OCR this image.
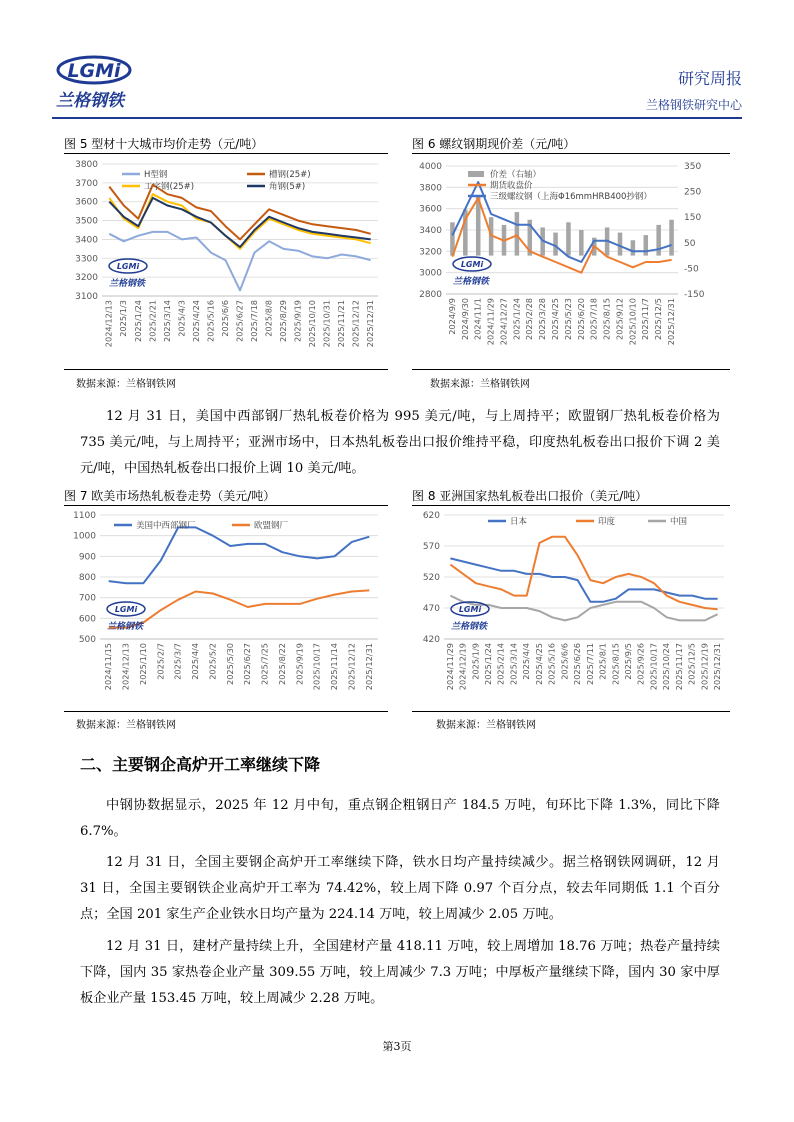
LGMi
兰格钢铁
研究周报
兰格钢铁研究中心
图 5 型材十大城市均价走势（元/吨）	图 6 螺纹钢期现价差（元/吨）
3100
3200
3300
3400
3500
3600
3700
3800
2024/12/13 2025/1/3 2025/1/24 2025/2/21 2025/3/14 2025/4/3 2025/4/24 2025/5/16 2025/6/6 2025/6/27 2025/7/18 2025/8/8 2025/8/29 2025/9/19 2025/10/10 2025/10/31 2025/11/21 2025/12/12 2025/12/31
H型钢	槽钢(25#)
工字钢(25#)	角钢(5#)
LGMi
兰格钢铁
2800
3000
3200
3400
3600
3800
4000
-150
-50
50
150
250
350
2024/9/9 2024/9/30 2024/11/1 2024/11/29 2024/12/27 2025/1/24 2025/2/28 2025/3/28 2025/4/25 2025/5/23 2025/6/20 2025/7/18 2025/8/15 2025/9/12 2025/10/10 2025/11/7 2025/12/5 2025/12/31
价差（右轴）
期货收盘价
三级螺纹钢（上海Φ16mmHRB400抄钢）
LGMi
兰格钢铁
数据来源：兰格钢铁网	数据来源：兰格钢铁网

12 月 31 日，美国中西部钢厂热轧板卷价格为 995 美元/吨，与上周持平；欧盟钢厂热轧板卷价格为 735 美元/吨，与上周持平；亚洲市场中，日本热轧板卷出口报价维持平稳，印度热轧板卷出口报价下调 2 美元/吨，中国热轧板卷出口报价上调 10 美元/吨。

图 7 欧美市场热轧板卷走势（美元/吨）	图 8 亚洲国家热轧板卷出口报价（美元/吨）
500
600
700
800
900
1000
1100
2024/11/15 2024/12/13 2025/1/10 2025/2/7 2025/3/7 2025/4/4 2025/5/2 2025/5/30 2025/6/27 2025/7/25 2025/8/22 2025/9/19 2025/10/17 2025/11/14 2025/12/12 2025/12/31
美国中西部钢厂	欧盟钢厂
LGMi
兰格钢铁
420
470
520
570
620
2024/11/29 2024/12/19 2025/1/9 2025/1/24 2025/2/14 2025/3/14 2025/4/4 2025/4/25 2025/5/16 2025/6/6 2025/6/26 2025/7/11 2025/8/1 2025/8/15 2025/9/5 2025/9/26 2025/10/17 2025/10/24 2025/11/17 2025/12/5 2025/12/19 2025/12/31
日本	印度	中国
LGMi
兰格钢铁
数据来源：兰格钢铁网	数据来源：兰格钢铁网
二、主要钢企高炉开工率继续下降

中钢协数据显示，2025 年 12 月中旬，重点钢企粗钢日产 184.5 万吨，旬环比下降 1.3%，同比下降 6.7%。

12 月 31 日，全国主要钢企高炉开工率继续下降，铁水日均产量持续减少。据兰格钢铁网调研，12 月 31 日，全国主要钢铁企业高炉开工率为 74.42%，较上周下降 0.97 个百分点，较去年同期低 1.1 个百分点；全国 201 家生产企业铁水日均产量为 224.14 万吨，较上周减少 2.05 万吨。

12 月 31 日，建材产量持续上升，全国建材产量 418.11 万吨，较上周增加 18.76 万吨；热卷产量持续下降，国内 35 家热卷企业产量 309.55 万吨，较上周减少 7.3 万吨；中厚板产量继续下降，国内 30 家中厚板企业产量 153.45 万吨，较上周减少 2.28 万吨。

第3页
